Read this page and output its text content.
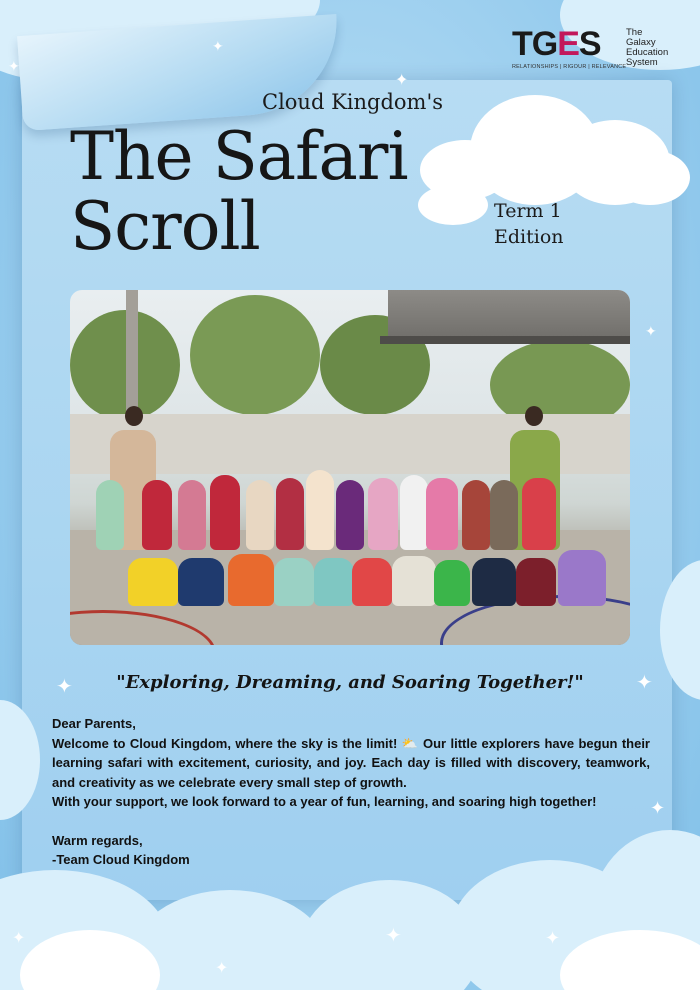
✦
✦
✦
✦
✦	✦
✦
✦
✦
✦
✦
TGES	The
Galaxy
Education
System
RELATIONSHIPS | RIGOUR | RELEVANCE
Cloud Kingdom's
The Safari
Scroll	Term 1
Edition
"Exploring, Dreaming, and Soaring Together!"

Dear Parents,

Welcome to Cloud Kingdom, where the sky is the limit! ⛅ Our little explorers have begun their learning safari with excitement, curiosity, and joy. Each day is filled with discovery, teamwork, and creativity as we celebrate every small step of growth.

With your support, we look forward to a year of fun, learning, and soaring high together!

Warm regards,

-Team Cloud Kingdom
